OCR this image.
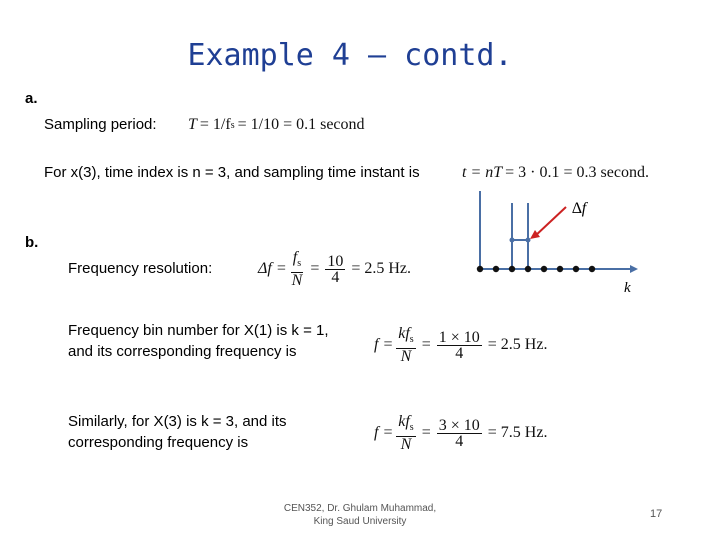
Example 4 – contd.
a.
Sampling period: T = 1/f s = 1/10 = 0.1 second
For x(3), time index is n = 3, and sampling time instant is	t = nT = 3 · 0.1 = 0.3 second.
b.
Frequency resolution:	$\Delta f = \frac{f_s}{N} = \frac{10}{4} = 2.5$ Hz.
Frequency bin number for X(1) is k = 1,
and its corresponding frequency is	$f = \frac{kf_s}{N} = \frac{1 \times 10}{4} = 2.5$ Hz.
Similarly, for X(3) is k = 3, and its
corresponding frequency is
$f = \frac{kf_s}{N} = \frac{3 \times 10}{4} = 7.5$ Hz.
∆f
k
CEN352, Dr. Ghulam Muhammad,
King Saud University
17
